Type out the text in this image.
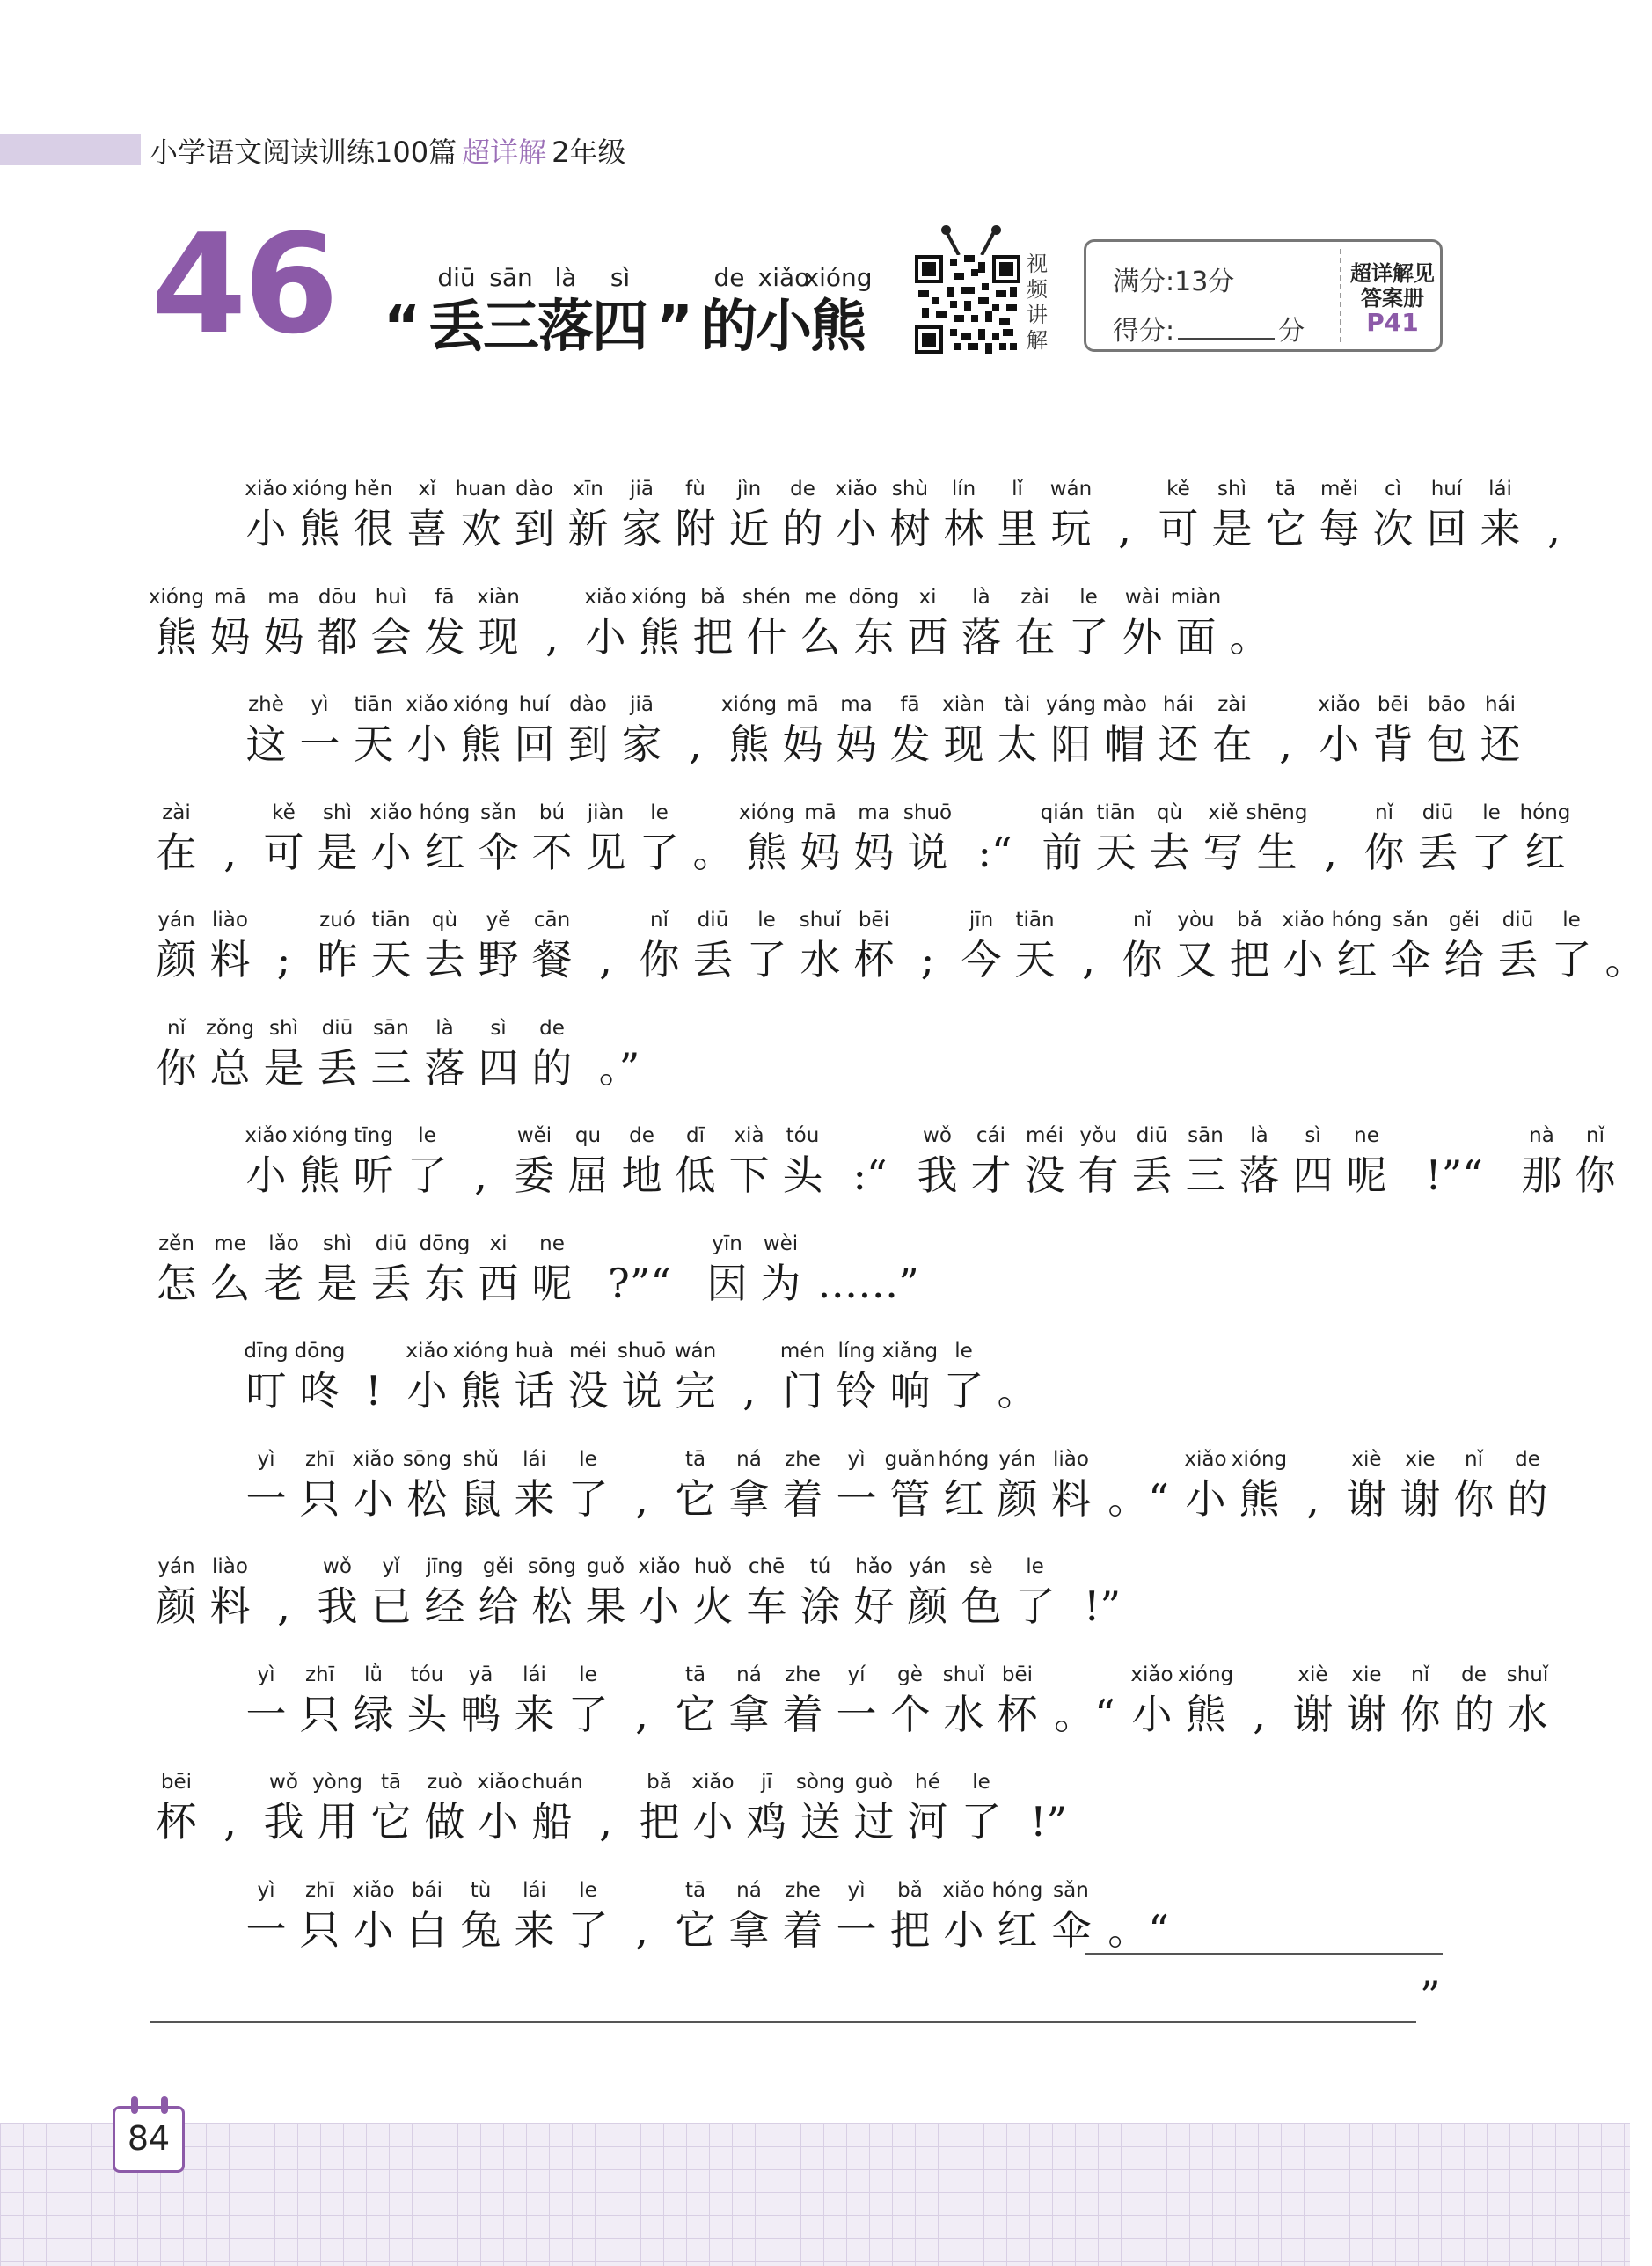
小学语文阅读训练100篇 超详解 2年级
46 “
diū
丢
sān
三
là
落
sì
四 ”
de
的
xiǎo
小
xióng
熊
视
频
讲
解
满分:13分
得分:	分
超详解见
答案册
P41
xiǎo
小
xióng
熊
hěn
很
xǐ
喜
huan
欢
dào
到
xīn
新
jiā
家
fù
附
jìn
近
de
的
xiǎo
小
shù
树
lín
林
lǐ
里
wán
玩 ,
kě
可
shì
是
tā
它
měi
每
cì
次
huí
回
lái
来 ,
xióng
熊
mā
妈
ma
妈
dōu
都
huì
会
fā
发
xiàn
现 ,
xiǎo
小
xióng
熊
bǎ
把
shén
什
me
么
dōng
东
xi
西
là
落
zài
在
le
了
wài
外
miàn
面 。
zhè
这
yì
一
tiān
天
xiǎo
小
xióng
熊
huí
回
dào
到
jiā
家 ,
xióng
熊
mā
妈
ma
妈
fā
发
xiàn
现
tài
太
yáng
阳
mào
帽
hái
还
zài
在 ,
xiǎo
小
bēi
背
bāo
包
hái
还
zài
在 ,
kě
可
shì
是
xiǎo
小
hóng
红
sǎn
伞
bú
不
jiàn
见
le
了 。
xióng
熊
mā
妈
ma
妈
shuō
说 :“
qián
前
tiān
天
qù
去
xiě
写
shēng
生 ,
nǐ
你
diū
丢
le
了
hóng
红
yán
颜
liào
料 ;
zuó
昨
tiān
天
qù
去
yě
野
cān
餐 ,
nǐ
你
diū
丢
le
了
shuǐ
水
bēi
杯 ;
jīn
今
tiān
天 ,
nǐ
你
yòu
又
bǎ
把
xiǎo
小
hóng
红
sǎn
伞
gěi
给
diū
丢
le
了 。
nǐ
你
zǒng
总
shì
是
diū
丢
sān
三
là
落
sì
四
de
的 。”
xiǎo
小
xióng
熊
tīng
听
le
了 ,
wěi
委
qu
屈
de
地
dī
低
xià
下
tóu
头 :“
wǒ
我
cái
才
méi
没
yǒu
有
diū
丢
sān
三
là
落
sì
四
ne
呢 !”“
nà
那
nǐ
你
zěn
怎
me
么
lǎo
老
shì
是
diū
丢
dōng
东
xi
西
ne
呢 ?”“
yīn
因
wèi
为 ……”
dīng
叮
dōng
咚 !
xiǎo
小
xióng
熊
huà
话
méi
没
shuō
说
wán
完 ,
mén
门
líng
铃
xiǎng
响
le
了 。
yì
一
zhī
只
xiǎo
小
sōng
松
shǔ
鼠
lái
来
le
了 ,
tā
它
ná
拿
zhe
着
yì
一
guǎn
管
hóng
红
yán
颜
liào
料 。“
xiǎo
小
xióng
熊 ,
xiè
谢
xie
谢
nǐ
你
de
的
yán
颜
liào
料 ,
wǒ
我
yǐ
已
jīng
经
gěi
给
sōng
松
guǒ
果
xiǎo
小
huǒ
火
chē
车
tú
涂
hǎo
好
yán
颜
sè
色
le
了 !”
yì
一
zhī
只
lǜ
绿
tóu
头
yā
鸭
lái
来
le
了 ,
tā
它
ná
拿
zhe
着
yí
一
gè
个
shuǐ
水
bēi
杯 。“
xiǎo
小
xióng
熊 ,
xiè
谢
xie
谢
nǐ
你
de
的
shuǐ
水
bēi
杯 ,
wǒ
我
yòng
用
tā
它
zuò
做
xiǎo
小
chuán
船 ,
bǎ
把
xiǎo
小
jī
鸡
sòng
送
guò
过
hé
河
le
了 !”
yì
一
zhī
只
xiǎo
小
bái
白
tù
兔
lái
来
le
了 ,
tā
它
ná
拿
zhe
着
yì
一
bǎ
把
xiǎo
小
hóng
红
sǎn
伞 。“
”
84
